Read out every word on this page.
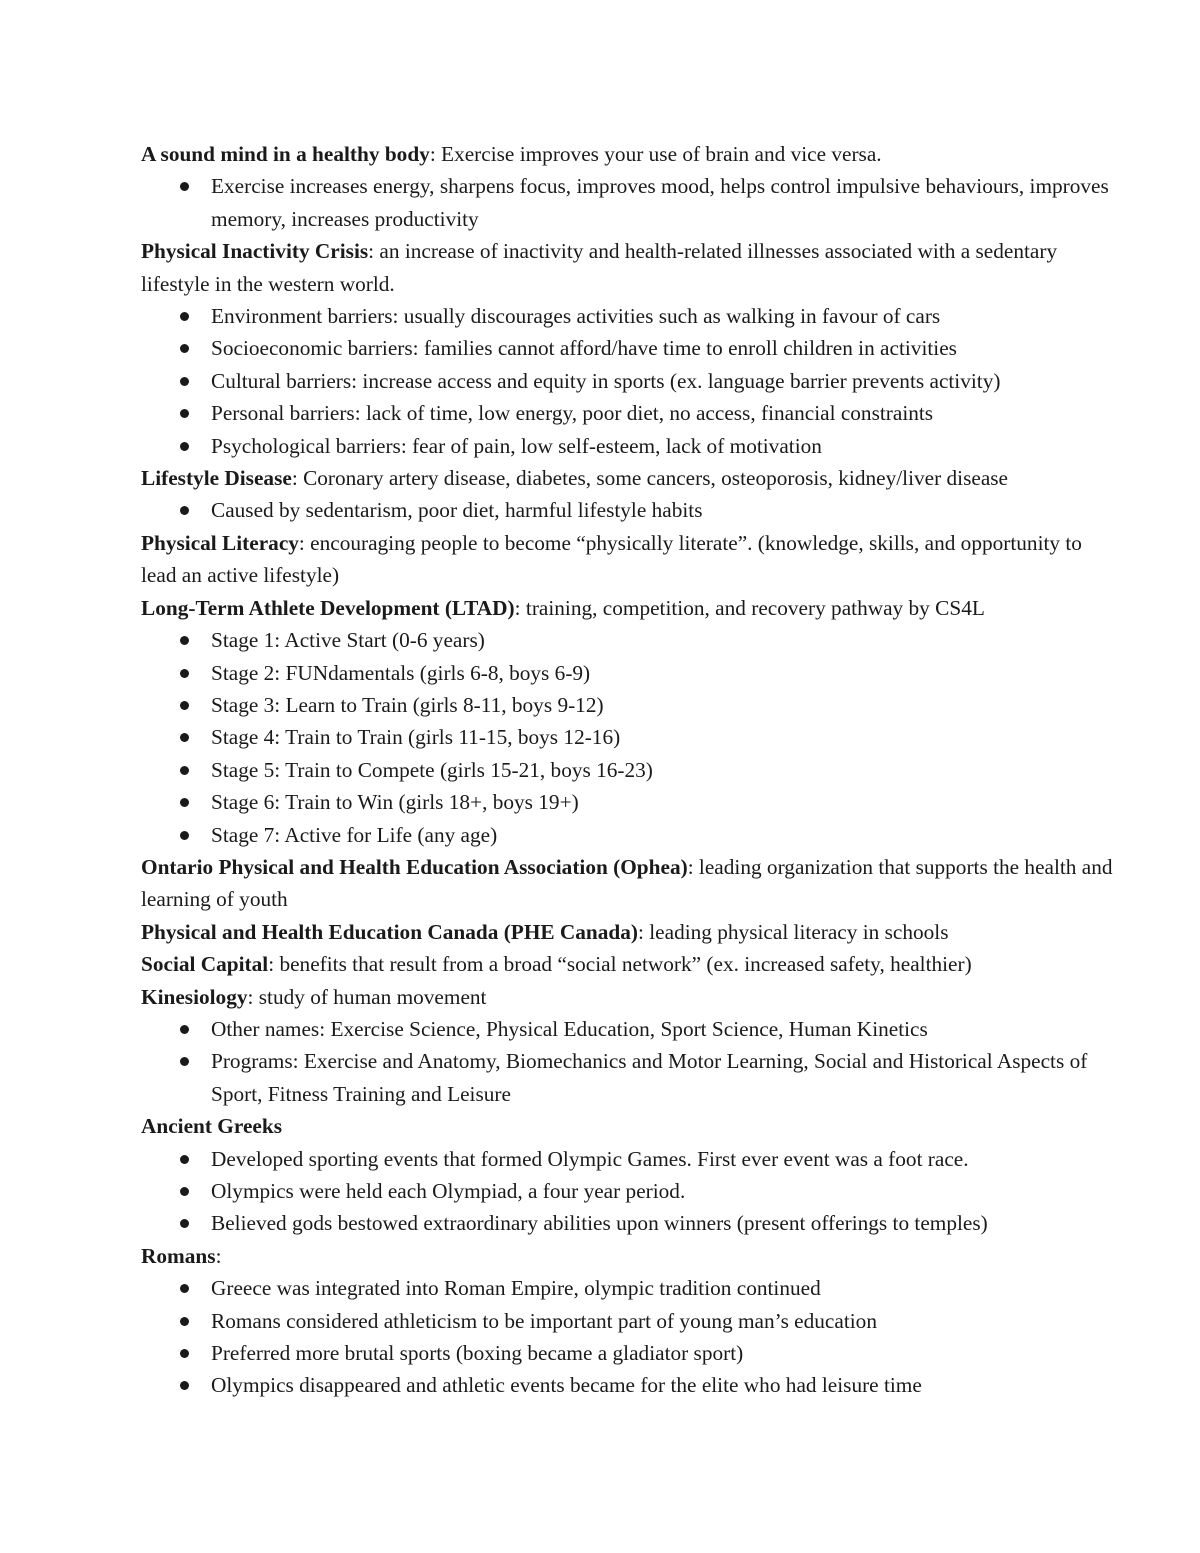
A sound mind in a healthy body: Exercise improves your use of brain and vice versa.

Exercise increases energy, sharpens focus, improves mood, helps control impulsive behaviours, improves memory, increases productivity

Physical Inactivity Crisis: an increase of inactivity and health-related illnesses associated with a sedentary lifestyle in the western world.

Environment barriers: usually discourages activities such as walking in favour of cars
Socioeconomic barriers: families cannot afford/have time to enroll children in activities
Cultural barriers: increase access and equity in sports (ex. language barrier prevents activity)
Personal barriers: lack of time, low energy, poor diet, no access, financial constraints
Psychological barriers: fear of pain, low self-esteem, lack of motivation

Lifestyle Disease: Coronary artery disease, diabetes, some cancers, osteoporosis, kidney/liver disease

Caused by sedentarism, poor diet, harmful lifestyle habits

Physical Literacy: encouraging people to become “physically literate”. (knowledge, skills, and opportunity to lead an active lifestyle)

Long-Term Athlete Development (LTAD): training, competition, and recovery pathway by CS4L

Stage 1: Active Start (0-6 years)
Stage 2: FUNdamentals (girls 6-8, boys 6-9)
Stage 3: Learn to Train (girls 8-11, boys 9-12)
Stage 4: Train to Train (girls 11-15, boys 12-16)
Stage 5: Train to Compete (girls 15-21, boys 16-23)
Stage 6: Train to Win (girls 18+, boys 19+)
Stage 7: Active for Life (any age)

Ontario Physical and Health Education Association (Ophea): leading organization that supports the health and learning of youth

Physical and Health Education Canada (PHE Canada): leading physical literacy in schools

Social Capital: benefits that result from a broad “social network” (ex. increased safety, healthier)

Kinesiology: study of human movement

Other names: Exercise Science, Physical Education, Sport Science, Human Kinetics
Programs: Exercise and Anatomy, Biomechanics and Motor Learning, Social and Historical Aspects of Sport, Fitness Training and Leisure

Ancient Greeks

Developed sporting events that formed Olympic Games. First ever event was a foot race.
Olympics were held each Olympiad, a four year period.
Believed gods bestowed extraordinary abilities upon winners (present offerings to temples)

Romans:

Greece was integrated into Roman Empire, olympic tradition continued
Romans considered athleticism to be important part of young man’s education
Preferred more brutal sports (boxing became a gladiator sport)
Olympics disappeared and athletic events became for the elite who had leisure time
